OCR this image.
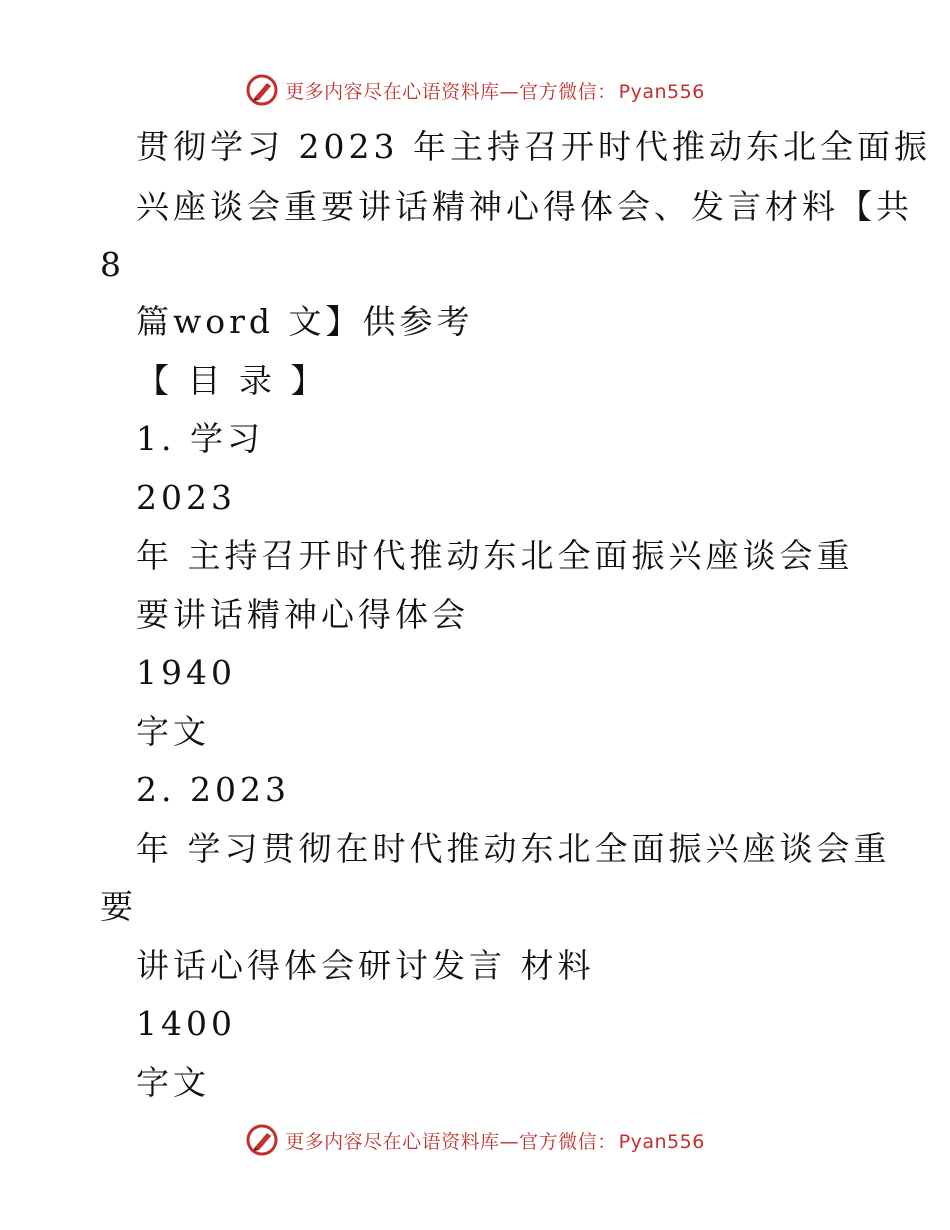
更多内容尽在心语资料库—官方微信： Pyan556
贯彻学习 2023 年主持召开时代推动东北全面振
兴座谈会重要讲话精神心得体会、发言材料【共
8
篇word 文】供参考
【 目 录 】
1. 学习
2023
年 主持召开时代推动东北全面振兴座谈会重
要讲话精神心得体会
1940
字文
2. 2023
年 学习贯彻在时代推动东北全面振兴座谈会重
要
讲话心得体会研讨发言 材料
1400
字文
更多内容尽在心语资料库—官方微信： Pyan556
